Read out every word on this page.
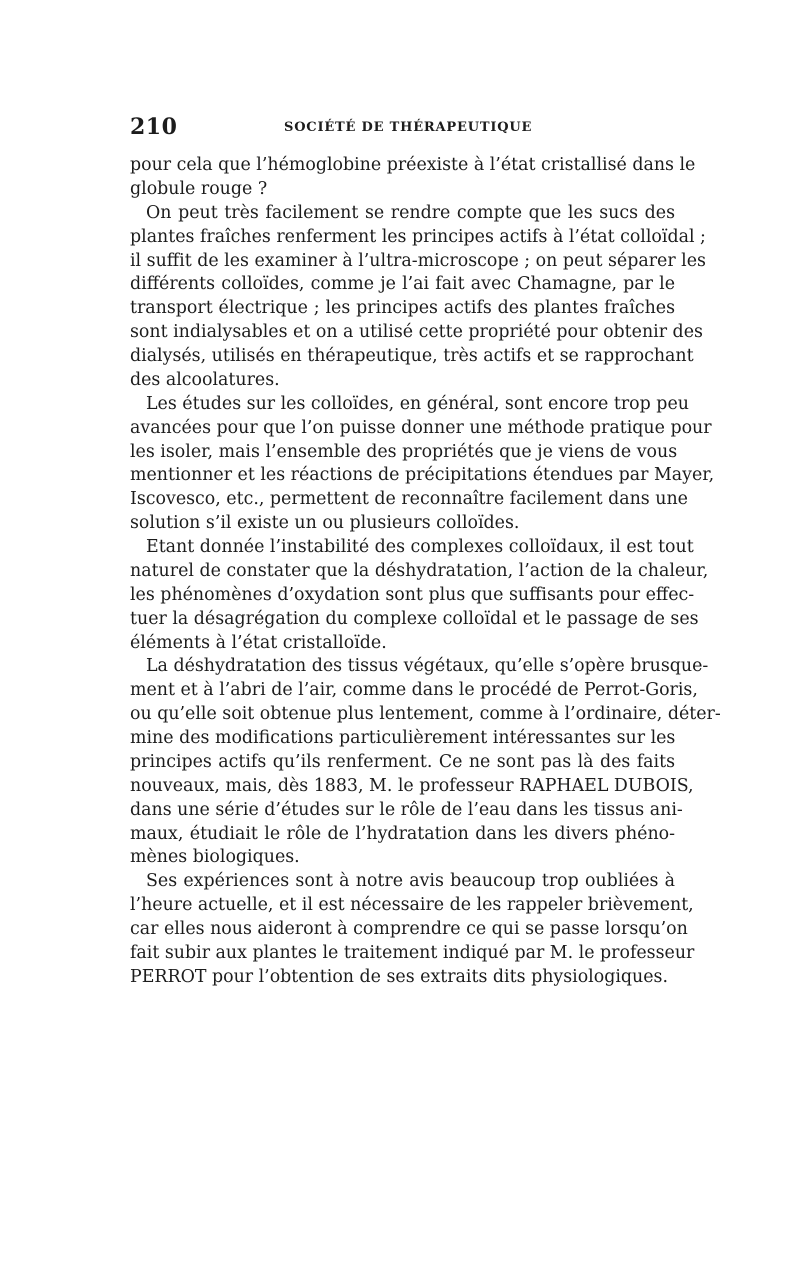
210	SOCIÉTÉ DE THÉRAPEUTIQUE
pour cela que l’hémoglobine préexiste à l’état cristallisé dans le
globule rouge ?
On peut très facilement se rendre compte que les sucs des
plantes fraîches renferment les principes actifs à l’état colloïdal ;
il suffit de les examiner à l’ultra-microscope ; on peut séparer les
différents colloïdes, comme je l’ai fait avec Chamagne, par le
transport électrique ; les principes actifs des plantes fraîches
sont indialysables et on a utilisé cette propriété pour obtenir des
dialysés, utilisés en thérapeutique, très actifs et se rapprochant
des alcoolatures.
Les études sur les colloïdes, en général, sont encore trop peu
avancées pour que l’on puisse donner une méthode pratique pour
les isoler, mais l’ensemble des propriétés que je viens de vous
mentionner et les réactions de précipitations étendues par Mayer,
Iscovesco, etc., permettent de reconnaître facilement dans une
solution s’il existe un ou plusieurs colloïdes.
Etant donnée l’instabilité des complexes colloïdaux, il est tout
naturel de constater que la déshydratation, l’action de la chaleur,
les phénomènes d’oxydation sont plus que suffisants pour effec-
tuer la désagrégation du complexe colloïdal et le passage de ses
éléments à l’état cristalloïde.
La déshydratation des tissus végétaux, qu’elle s’opère brusque-
ment et à l’abri de l’air, comme dans le procédé de Perrot-Goris,
ou qu’elle soit obtenue plus lentement, comme à l’ordinaire, déter-
mine des modifications particulièrement intéressantes sur les
principes actifs qu’ils renferment. Ce ne sont pas là des faits
nouveaux, mais, dès 1883, M. le professeur RAPHAEL DUBOIS,
dans une série d’études sur le rôle de l’eau dans les tissus ani-
maux, étudiait le rôle de l’hydratation dans les divers phéno-
mènes biologiques.
Ses expériences sont à notre avis beaucoup trop oubliées à
l’heure actuelle, et il est nécessaire de les rappeler brièvement,
car elles nous aideront à comprendre ce qui se passe lorsqu’on
fait subir aux plantes le traitement indiqué par M. le professeur
PERROT pour l’obtention de ses extraits dits physiologiques.
